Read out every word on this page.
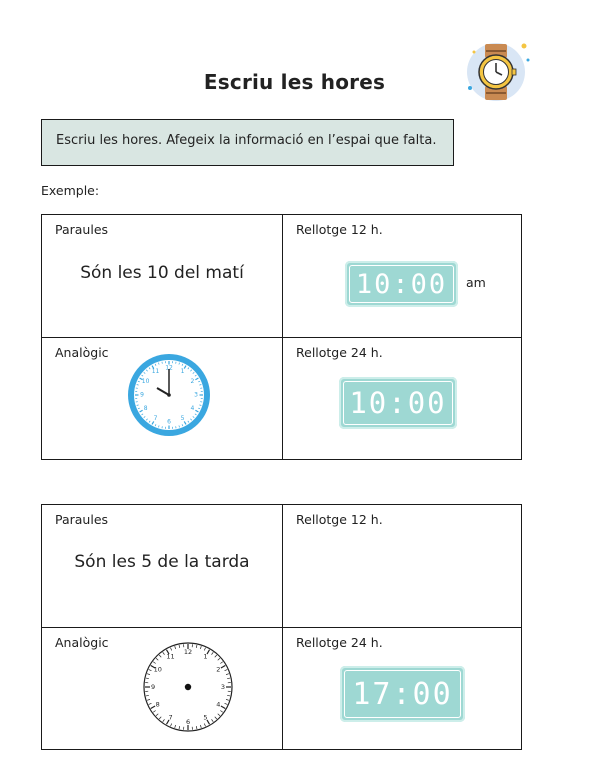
Escriu les hores
Escriu les hores. Afegeix la informació en l’espai que falta.
Exemple:
Paraules
Són les 10 del matí
Rellotge 12 h.
10:00	am
Analògic
12
1
2
3
4
5
6
7
8
9
10
11
Rellotge 24 h.
10:00
Paraules
Són les 5 de la tarda
Rellotge 12 h.
Analògic
12
1
2
3
4
5
6
7
8
9
10
11
Rellotge 24 h.
17:00
